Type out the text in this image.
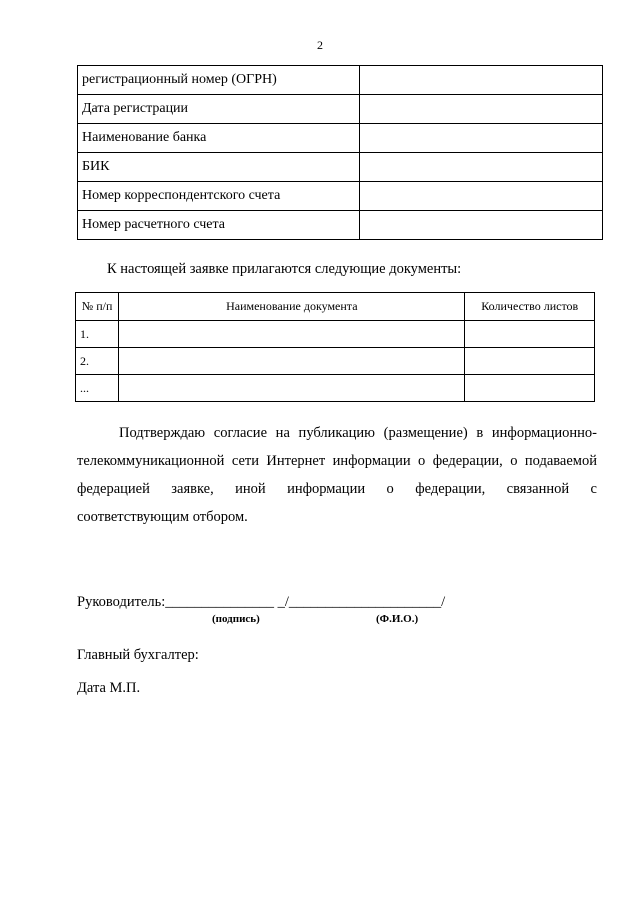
2
регистрационный номер (ОГРН)	
Дата регистрации	
Наименование банка	
БИК	
Номер корреспондентского счета	
Номер расчетного счета	
К настоящей заявке прилагаются следующие документы:
№ п/п	Наименование документа	Количество листов
1.		
2.		
...		
Подтверждаю согласие на публикацию (размещение) в информационно-
телекоммуникационной сети Интернет информации о федерации, о подаваемой
федерацией заявке, иной информации о федерации, связанной с
соответствующим отбором.
Руководитель:_______________ _/_____________________/
(подпись)	(Ф.И.О.)
Главный бухгалтер:
Дата М.П.
